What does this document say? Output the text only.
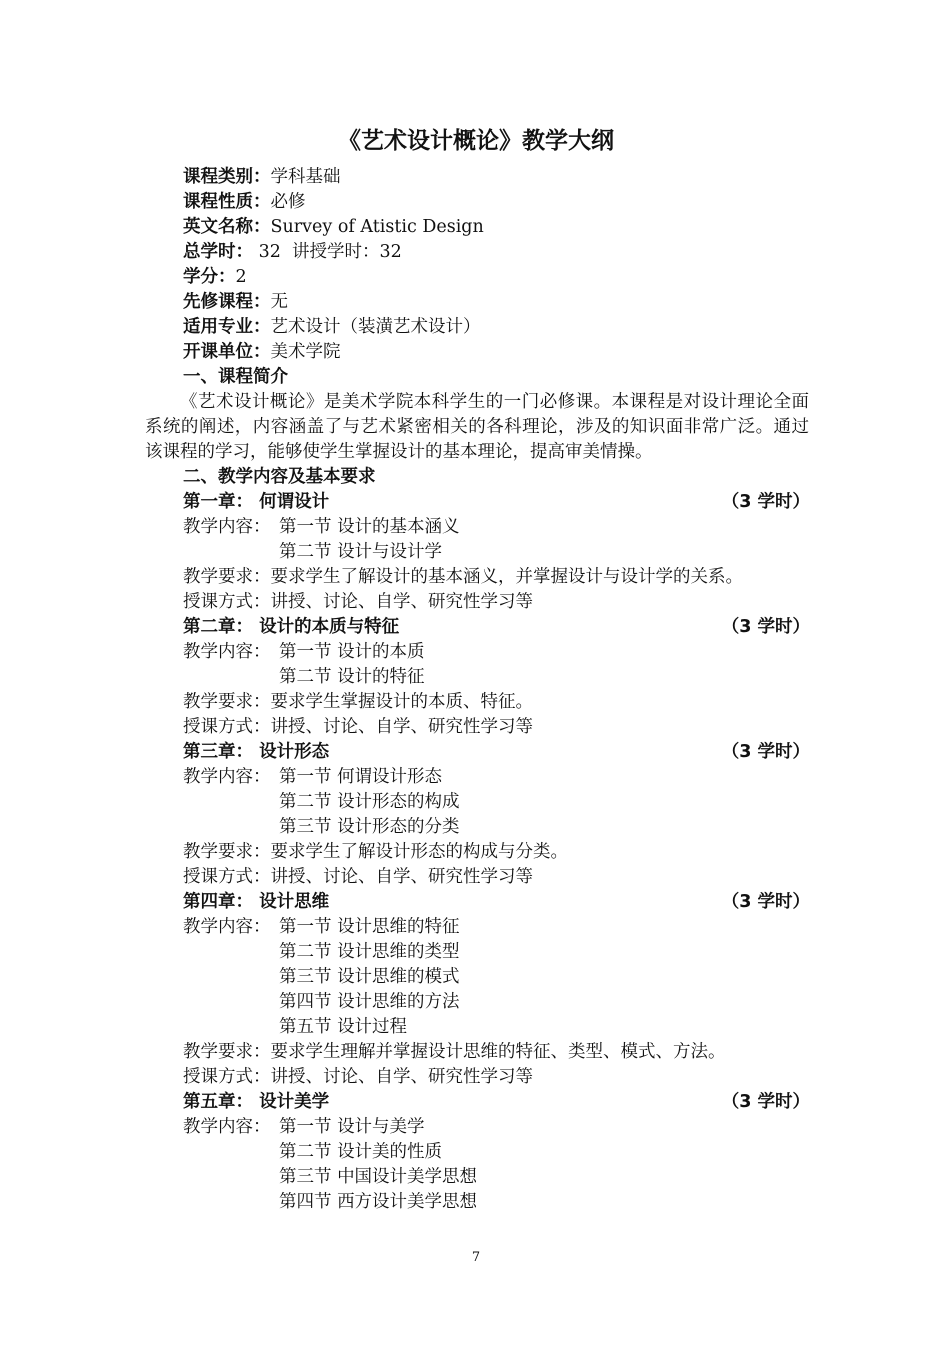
《艺术设计概论》教学大纲
课程类别：学科基础
课程性质：必修
英文名称：Survey of Atistic Design
总学时： 32  讲授学时：32
学分：2
先修课程：无
适用专业：艺术设计（装潢艺术设计）
开课单位：美术学院
一、课程简介
《艺术设计概论》是美术学院本科学生的一门必修课。本课程是对设计理论全面系统的阐述，内容涵盖了与艺术紧密相关的各科理论，涉及的知识面非常广泛。通过该课程的学习，能够使学生掌握设计的基本理论，提高审美情操。
二、教学内容及基本要求
第一章： 何谓设计	（3 学时）
教学内容： 第一节 设计的基本涵义
第二节 设计与设计学
教学要求：要求学生了解设计的基本涵义，并掌握设计与设计学的关系。
授课方式：讲授、讨论、自学、研究性学习等
第二章： 设计的本质与特征	（3 学时）
教学内容： 第一节 设计的本质
第二节 设计的特征
教学要求：要求学生掌握设计的本质、特征。
授课方式：讲授、讨论、自学、研究性学习等
第三章： 设计形态	（3 学时）
教学内容： 第一节 何谓设计形态
第二节 设计形态的构成
第三节 设计形态的分类
教学要求：要求学生了解设计形态的构成与分类。
授课方式：讲授、讨论、自学、研究性学习等
第四章： 设计思维	（3 学时）
教学内容： 第一节 设计思维的特征
第二节 设计思维的类型
第三节 设计思维的模式
第四节 设计思维的方法
第五节 设计过程
教学要求：要求学生理解并掌握设计思维的特征、类型、模式、方法。
授课方式：讲授、讨论、自学、研究性学习等
第五章： 设计美学	（3 学时）
教学内容： 第一节 设计与美学
第二节 设计美的性质
第三节 中国设计美学思想
第四节 西方设计美学思想
7
